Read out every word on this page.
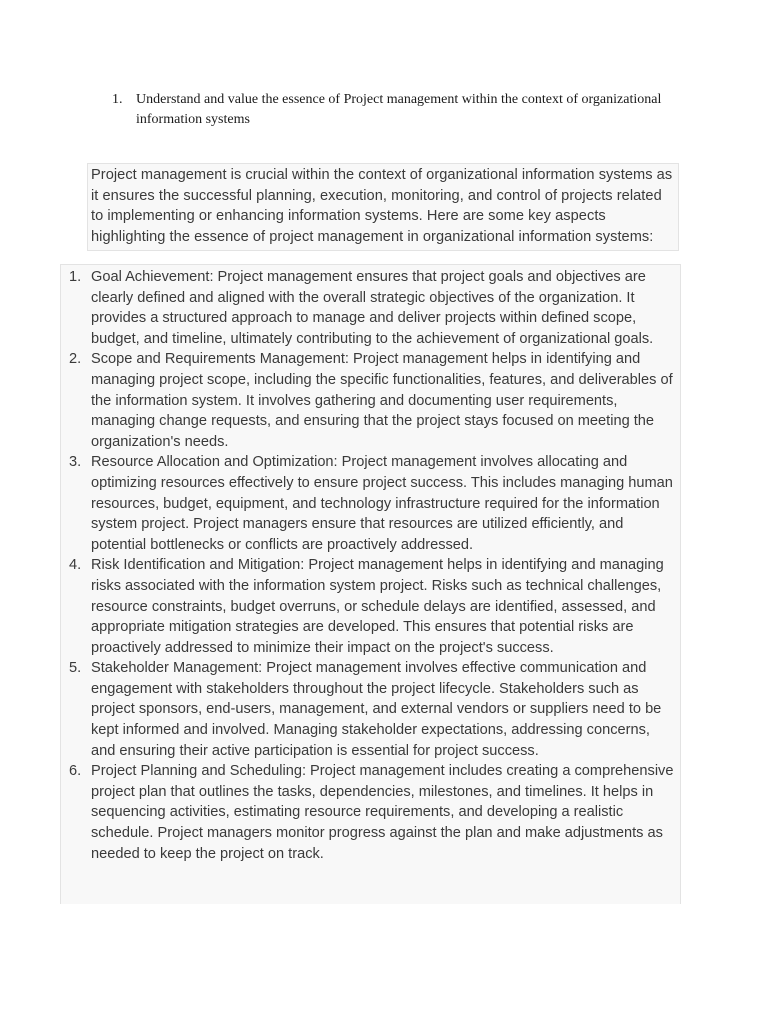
1. Understand and value the essence of Project management within the context of organizational information systems
Project management is crucial within the context of organizational information systems as it ensures the successful planning, execution, monitoring, and control of projects related to implementing or enhancing information systems. Here are some key aspects highlighting the essence of project management in organizational information systems:
1. Goal Achievement: Project management ensures that project goals and objectives are clearly defined and aligned with the overall strategic objectives of the organization. It provides a structured approach to manage and deliver projects within defined scope, budget, and timeline, ultimately contributing to the achievement of organizational goals.
2. Scope and Requirements Management: Project management helps in identifying and managing project scope, including the specific functionalities, features, and deliverables of the information system. It involves gathering and documenting user requirements, managing change requests, and ensuring that the project stays focused on meeting the organization's needs.
3. Resource Allocation and Optimization: Project management involves allocating and optimizing resources effectively to ensure project success. This includes managing human resources, budget, equipment, and technology infrastructure required for the information system project. Project managers ensure that resources are utilized efficiently, and potential bottlenecks or conflicts are proactively addressed.
4. Risk Identification and Mitigation: Project management helps in identifying and managing risks associated with the information system project. Risks such as technical challenges, resource constraints, budget overruns, or schedule delays are identified, assessed, and appropriate mitigation strategies are developed. This ensures that potential risks are proactively addressed to minimize their impact on the project's success.
5. Stakeholder Management: Project management involves effective communication and engagement with stakeholders throughout the project lifecycle. Stakeholders such as project sponsors, end-users, management, and external vendors or suppliers need to be kept informed and involved. Managing stakeholder expectations, addressing concerns, and ensuring their active participation is essential for project success.
6. Project Planning and Scheduling: Project management includes creating a comprehensive project plan that outlines the tasks, dependencies, milestones, and timelines. It helps in sequencing activities, estimating resource requirements, and developing a realistic schedule. Project managers monitor progress against the plan and make adjustments as needed to keep the project on track.
